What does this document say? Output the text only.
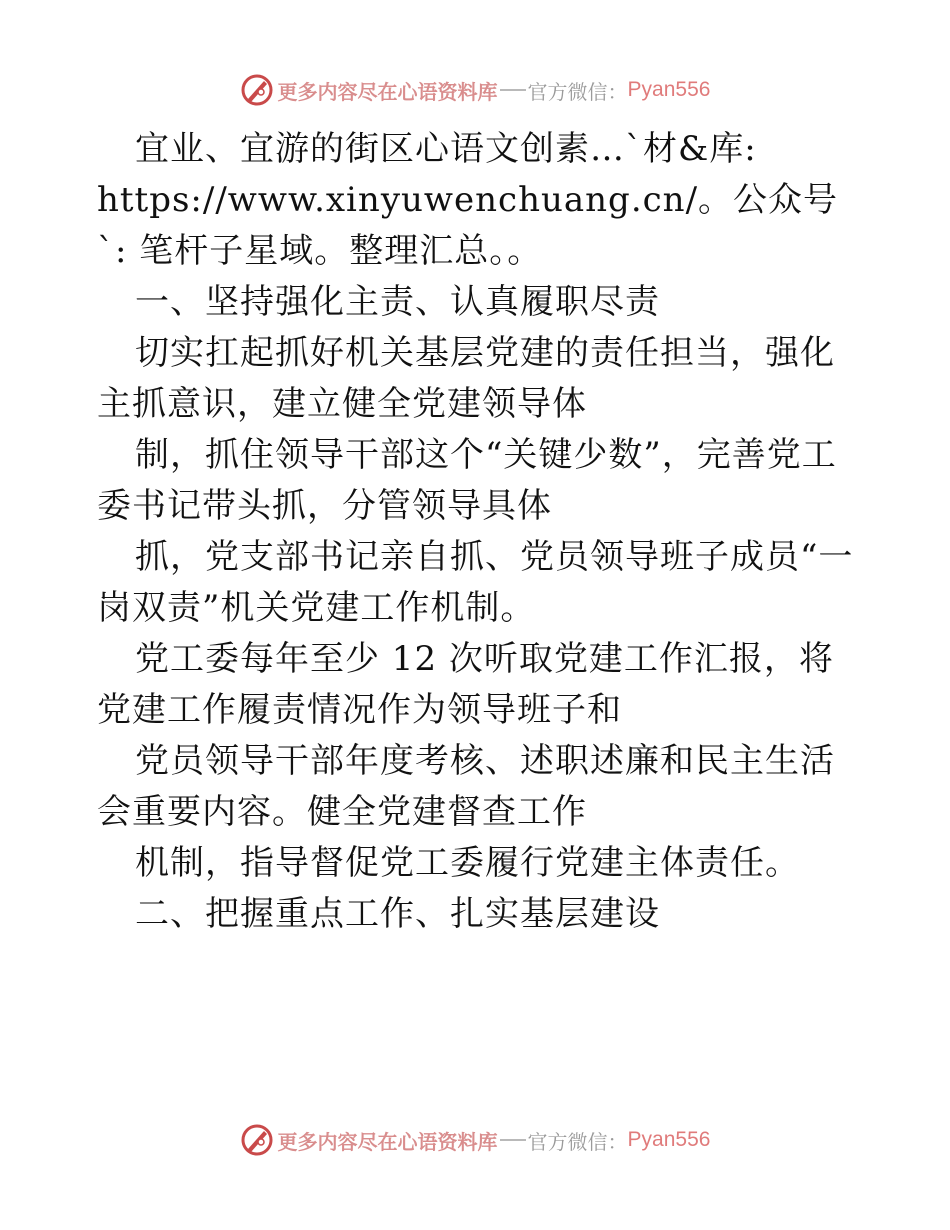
更多内容尽在心语资料库 官方微信： Pyan556

宜业、宜游的街区心语文创素…`材&库:

https://www.xinyuwenchuang.cn/。公众号`: 笔杆子星域。整理汇总。。

一、坚持强化主责、认真履职尽责

切实扛起抓好机关基层党建的责任担当，强化主抓意识，建立健全党建领导体

制，抓住领导干部这个“关键少数”，完善党工委书记带头抓，分管领导具体

抓，党支部书记亲自抓、党员领导班子成员“一岗双责”机关党建工作机制。

党工委每年至少 12 次听取党建工作汇报，将党建工作履责情况作为领导班子和

党员领导干部年度考核、述职述廉和民主生活会重要内容。健全党建督查工作

机制，指导督促党工委履行党建主体责任。

二、把握重点工作、扎实基层建设

更多内容尽在心语资料库 官方微信： Pyan556
